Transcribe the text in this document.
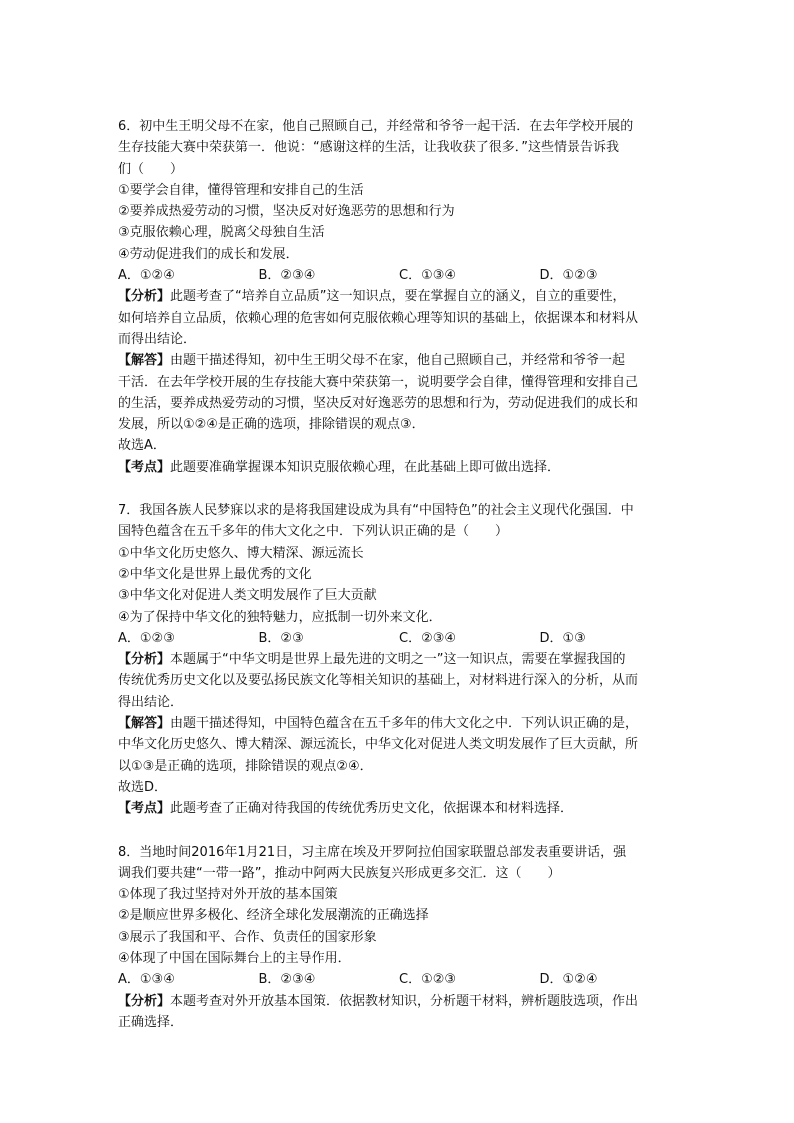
6．初中生王明父母不在家，他自己照顾自己，并经常和爷爷一起干活．在去年学校开展的
生存技能大赛中荣获第一．他说：“感谢这样的生活，让我收获了很多．”这些情景告诉我
们（　　）
①要学会自律，懂得管理和安排自己的生活
②要养成热爱劳动的习惯，坚决反对好逸恶劳的思想和行为
③克服依赖心理，脱离父母独自生活
④劳动促进我们的成长和发展．
A．①②④	B．②③④	C．①③④	D．①②③
【分析】此题考查了“培养自立品质”这一知识点，要在掌握自立的涵义，自立的重要性，
如何培养自立品质，依赖心理的危害如何克服依赖心理等知识的基础上，依据课本和材料从
而得出结论．
【解答】由题干描述得知，初中生王明父母不在家，他自己照顾自己，并经常和爷爷一起
干活．在去年学校开展的生存技能大赛中荣获第一，说明要学会自律，懂得管理和安排自己
的生活，要养成热爱劳动的习惯，坚决反对好逸恶劳的思想和行为，劳动促进我们的成长和
发展，所以①②④是正确的选项，排除错误的观点③．
故选A．
【考点】此题要准确掌握课本知识克服依赖心理，在此基础上即可做出选择．
7．我国各族人民梦寐以求的是将我国建设成为具有“中国特色”的社会主义现代化强国．中
国特色蕴含在五千多年的伟大文化之中．下列认识正确的是（　　）
①中华文化历史悠久、博大精深、源远流长
②中华文化是世界上最优秀的文化
③中华文化对促进人类文明发展作了巨大贡献
④为了保持中华文化的独特魅力，应抵制一切外来文化．
A．①②③	B．②③	C．②③④	D．①③
【分析】本题属于“中华文明是世界上最先进的文明之一”这一知识点，需要在掌握我国的
传统优秀历史文化以及要弘扬民族文化等相关知识的基础上，对材料进行深入的分析，从而
得出结论．
【解答】由题干描述得知，中国特色蕴含在五千多年的伟大文化之中．下列认识正确的是，
中华文化历史悠久、博大精深、源远流长，中华文化对促进人类文明发展作了巨大贡献，所
以①③是正确的选项，排除错误的观点②④．
故选D．
【考点】此题考查了正确对待我国的传统优秀历史文化，依据课本和材料选择．
8．当地时间2016年1月21日，习主席在埃及开罗阿拉伯国家联盟总部发表重要讲话，强
调我们要共建“一带一路”，推动中阿两大民族复兴形成更多交汇．这（　　）
①体现了我过坚持对外开放的基本国策
②是顺应世界多极化、经济全球化发展潮流的正确选择
③展示了我国和平、合作、负责任的国家形象
④体现了中国在国际舞台上的主导作用．
A．①③④	B．②③④	C．①②③	D．①②④
【分析】本题考查对外开放基本国策．依据教材知识，分析题干材料，辨析题肢选项，作出
正确选择．
